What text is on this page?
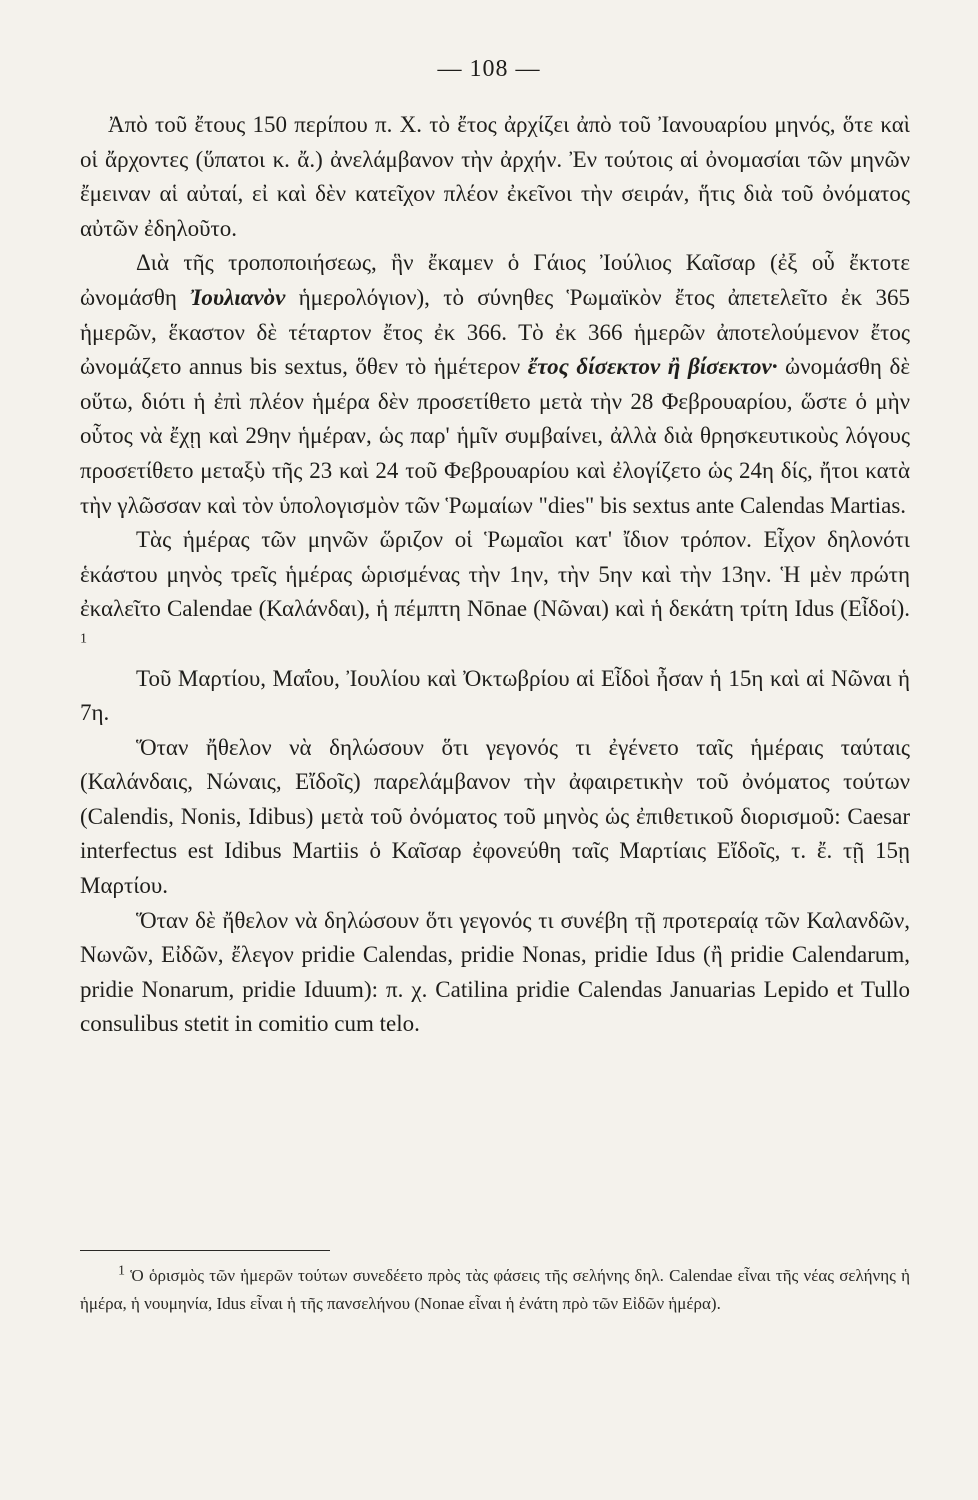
— 108 —

Ἀπὸ τοῦ ἔτους 150 περίπου π. Χ. τὸ ἔτος ἀρχίζει ἀπὸ τοῦ Ἰανουαρίου μηνός, ὅτε καὶ οἱ ἄρχοντες (ὕπατοι κ. ἄ.) ἀνελάμβανον τὴν ἀρχήν. Ἐν τούτοις αἱ ὀνομασίαι τῶν μηνῶν ἔμειναν αἱ αὐταί, εἰ καὶ δὲν κατεῖχον πλέον ἐκεῖνοι τὴν σειράν, ἥτις διὰ τοῦ ὀνόματος αὐτῶν ἐδηλοῦτο.

Διὰ τῆς τροποποιήσεως, ἣν ἔκαμεν ὁ Γάιος Ἰούλιος Καῖσαρ (ἐξ οὗ ἔκτοτε ὠνομάσθη Ἰουλιανὸν ἡμερολόγιον), τὸ σύνηθες Ῥωμαϊκὸν ἔτος ἀπετελεῖτο ἐκ 365 ἡμερῶν, ἕκαστον δὲ τέταρτον ἔτος ἐκ 366. Τὸ ἐκ 366 ἡμερῶν ἀποτελούμενον ἔτος ὠνομάζετο annus bis sextus, ὅθεν τὸ ἡμέτερον ἔτος δίσεκτον ἢ βίσεκτον· ὠνομάσθη δὲ οὕτω, διότι ἡ ἐπὶ πλέον ἡμέρα δὲν προσετίθετο μετὰ τὴν 28 Φεβρουαρίου, ὥστε ὁ μὴν οὗτος νὰ ἔχῃ καὶ 29ην ἡμέραν, ὡς παρ' ἡμῖν συμβαίνει, ἀλλὰ διὰ θρησκευτικοὺς λόγους προσετίθετο μεταξὺ τῆς 23 καὶ 24 τοῦ Φεβρουαρίου καὶ ἐλογίζετο ὡς 24η δίς, ἤτοι κατὰ τὴν γλῶσσαν καὶ τὸν ὑπολογισμὸν τῶν Ῥωμαίων "dies" bis sextus ante Calendas Martias.

Τὰς ἡμέρας τῶν μηνῶν ὥριζον οἱ Ῥωμαῖοι κατ' ἴδιον τρόπον. Εἶχον δηλονότι ἑκάστου μηνὸς τρεῖς ἡμέρας ὡρισμένας τὴν 1ην, τὴν 5ην καὶ τὴν 13ην. Ἡ μὲν πρώτη ἐκαλεῖτο Calendae (Καλάνδαι), ἡ πέμπτη Nōnae (Νῶναι) καὶ ἡ δεκάτη τρίτη Idus (Εἶδοί). $^1$

Τοῦ Μαρτίου, Μαΐου, Ἰουλίου καὶ Ὀκτωβρίου αἱ Εἶδοὶ ἦσαν ἡ 15η καὶ αἱ Νῶναι ἡ 7η.

Ὅταν ἤθελον νὰ δηλώσουν ὅτι γεγονός τι ἐγένετο ταῖς ἡμέραις ταύταις (Καλάνδαις, Νώναις, Εἴδοῖς) παρελάμβανον τὴν ἀφαιρετικὴν τοῦ ὀνόματος τούτων (Calendis, Nonis, Idibus) μετὰ τοῦ ὀνόματος τοῦ μηνὸς ὡς ἐπιθετικοῦ διορισμοῦ: Caesar interfectus est Idibus Martiis ὁ Καῖσαρ ἐφονεύθη ταῖς Μαρτίαις Εἴδοῖς, τ. ἔ. τῇ 15ῃ Μαρτίου.

Ὅταν δὲ ἤθελον νὰ δηλώσουν ὅτι γεγονός τι συνέβη τῇ προτεραίᾳ τῶν Καλανδῶν, Νωνῶν, Εἰδῶν, ἔλεγον pridie Calendas, pridie Nonas, pridie Idus (ἢ pridie Calendarum, pridie Nonarum, pridie Iduum): π. χ. Catilina pridie Calendas Januarias Lepido et Tullo consulibus stetit in comitio cum telo.

$^1$ Ὁ ὁρισμὸς τῶν ἡμερῶν τούτων συνεδέετο πρὸς τὰς φάσεις τῆς σελήνης δηλ. Calendae εἶναι τῆς νέας σελήνης ἡ ἡμέρα, ἡ νουμηνία, Idus εἶναι ἡ τῆς πανσελήνου (Nonae εἶναι ἡ ἐνάτη πρὸ τῶν Εἰδῶν ἡμέρα).
